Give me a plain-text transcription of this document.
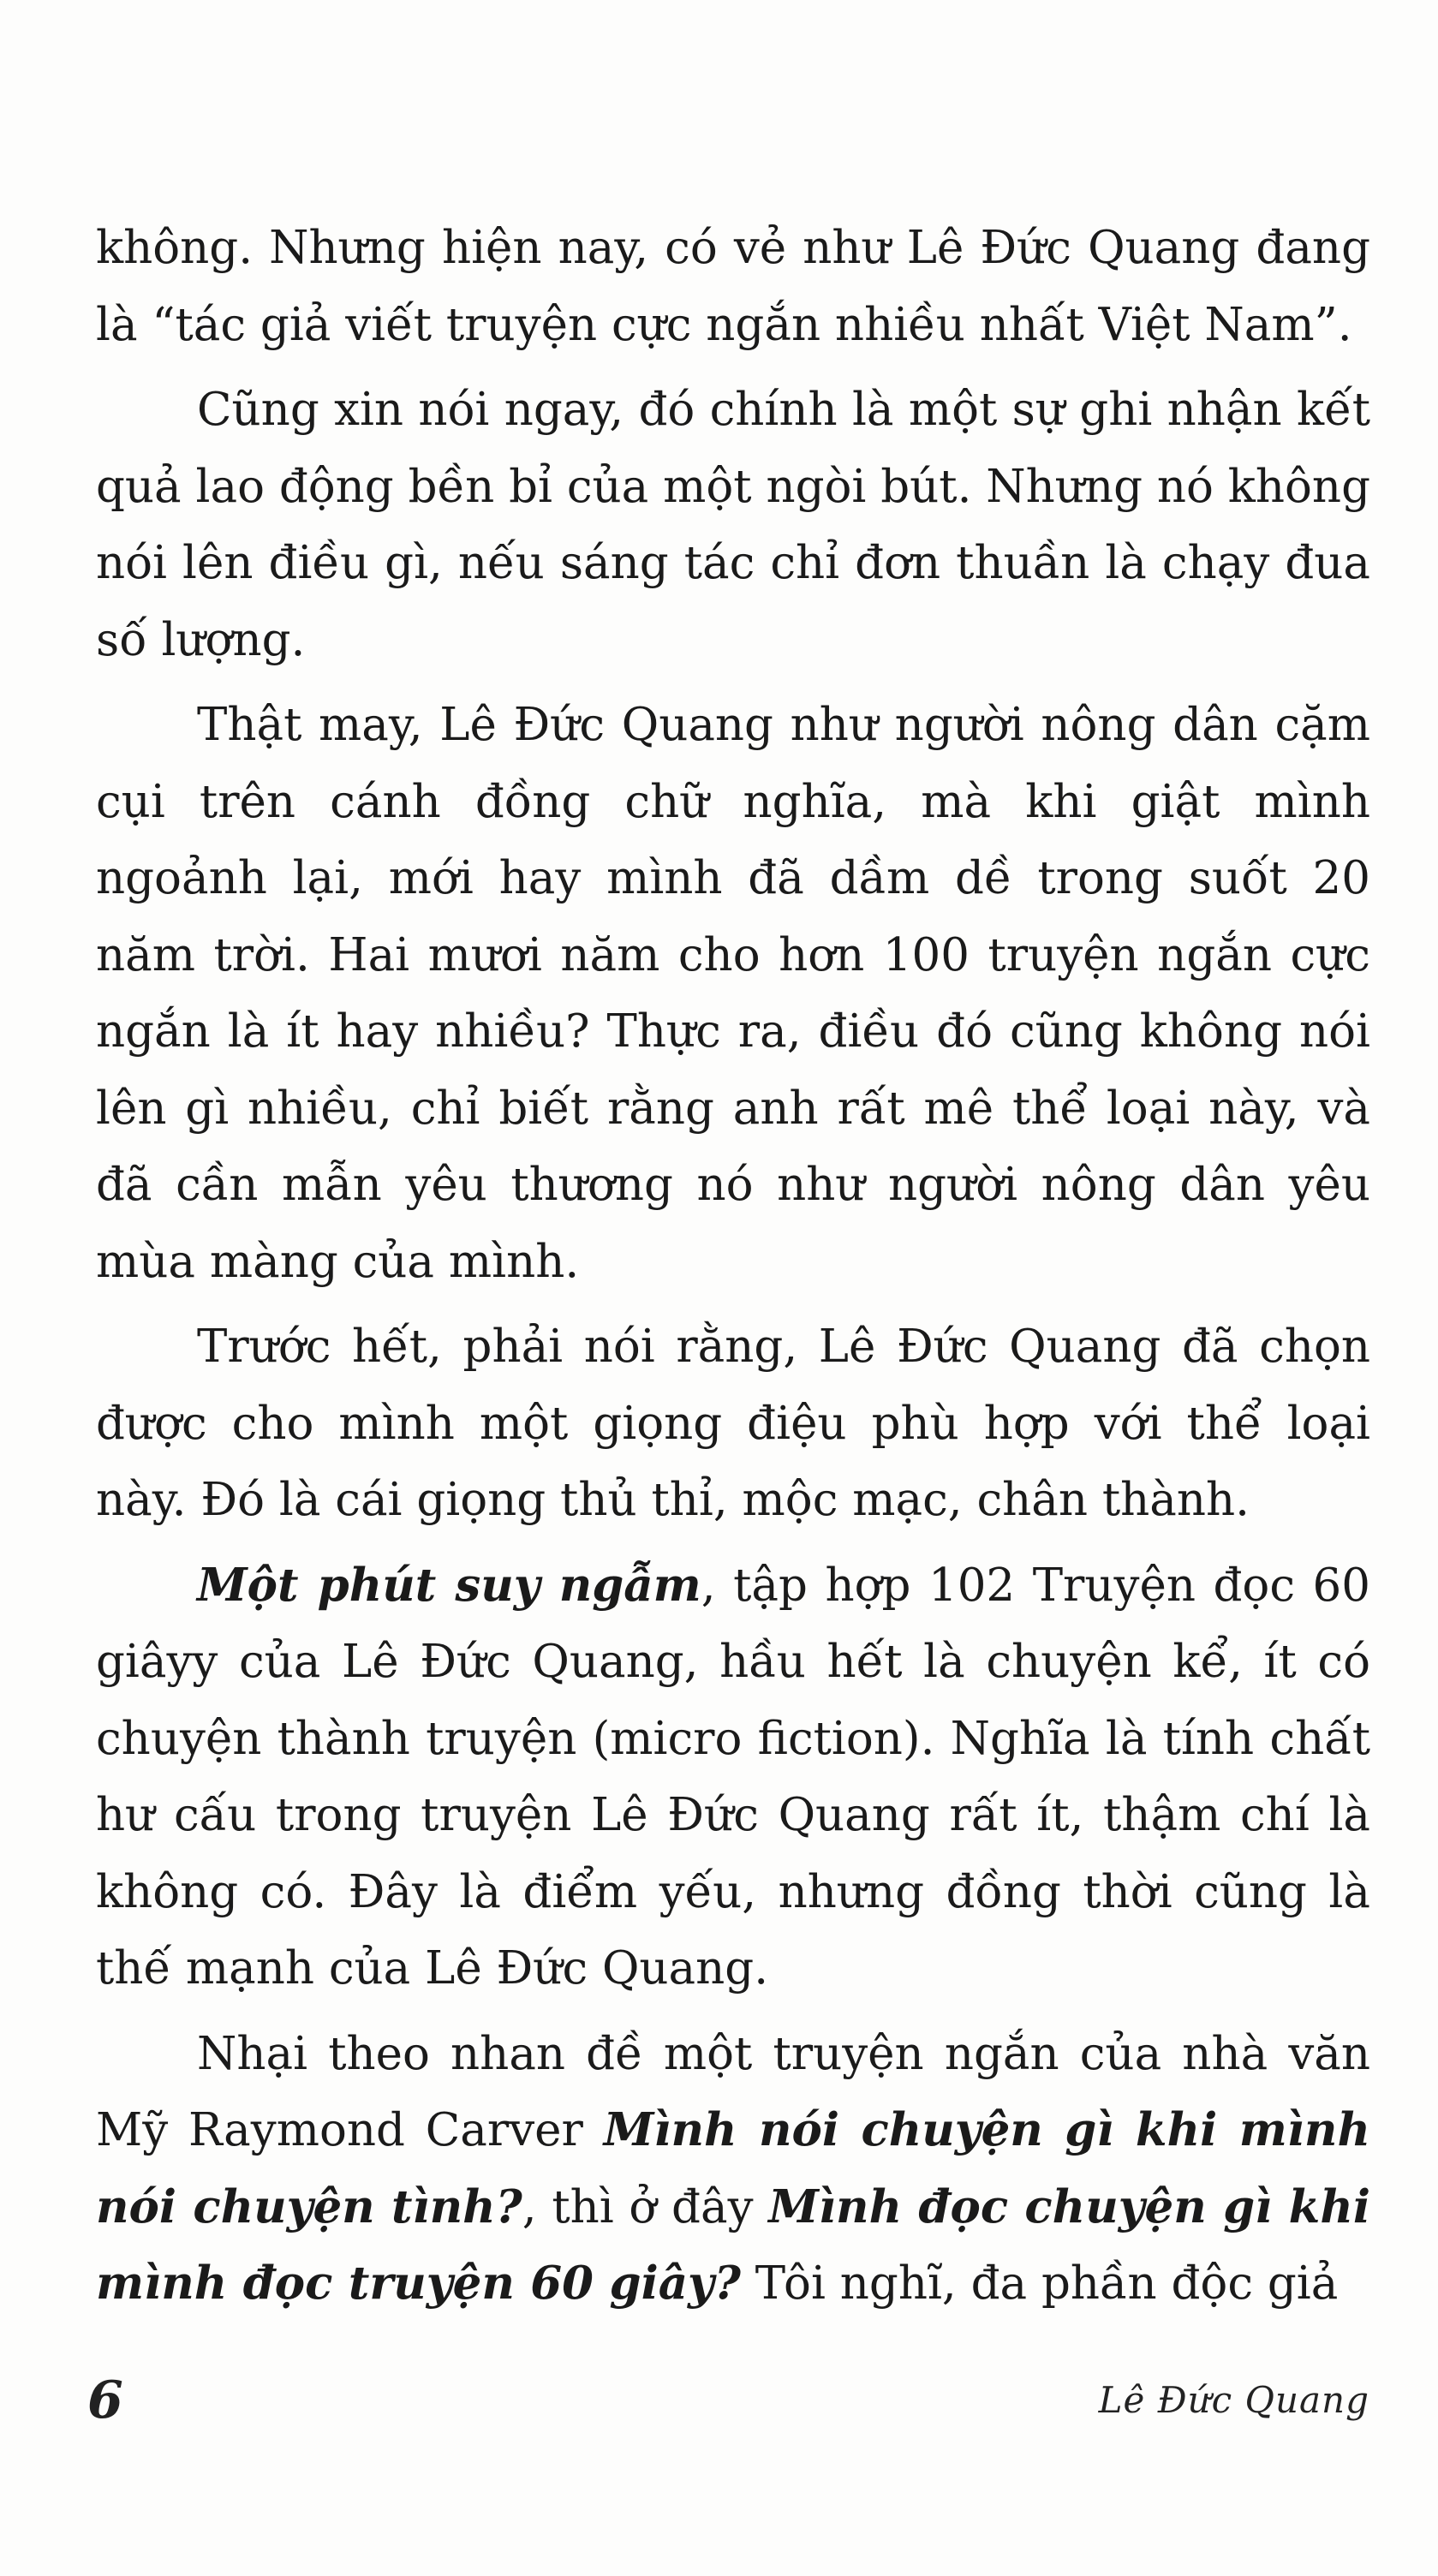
không. Nhưng hiện nay, có vẻ như Lê Đức Quang đang là “tác giả viết truyện cực ngắn nhiều nhất Việt Nam”.

Cũng xin nói ngay, đó chính là một sự ghi nhận kết quả lao động bền bỉ của một ngòi bút. Nhưng nó không nói lên điều gì, nếu sáng tác chỉ đơn thuần là chạy đua số lượng.

Thật may, Lê Đức Quang như người nông dân cặm cụi trên cánh đồng chữ nghĩa, mà khi giật mình ngoảnh lại, mới hay mình đã dầm dề trong suốt 20 năm trời. Hai mươi năm cho hơn 100 truyện ngắn cực ngắn là ít hay nhiều? Thực ra, điều đó cũng không nói lên gì nhiều, chỉ biết rằng anh rất mê thể loại này, và đã cần mẫn yêu thương nó như người nông dân yêu mùa màng của mình.

Trước hết, phải nói rằng, Lê Đức Quang đã chọn được cho mình một giọng điệu phù hợp với thể loại này. Đó là cái giọng thủ thỉ, mộc mạc, chân thành.

Một phút suy ngẫm, tập hợp 102 Truyện đọc 60 giâyy của Lê Đức Quang, hầu hết là chuyện kể, ít có chuyện thành truyện (micro fiction). Nghĩa là tính chất hư cấu trong truyện Lê Đức Quang rất ít, thậm chí là không có. Đây là điểm yếu, nhưng đồng thời cũng là thế mạnh của Lê Đức Quang.

Nhại theo nhan đề một truyện ngắn của nhà văn Mỹ Raymond Carver Mình nói chuyện gì khi mình nói chuyện tình?, thì ở đây Mình đọc chuyện gì khi mình đọc truyện 60 giây? Tôi nghĩ, đa phần độc giả

6	Lê Đức Quang
